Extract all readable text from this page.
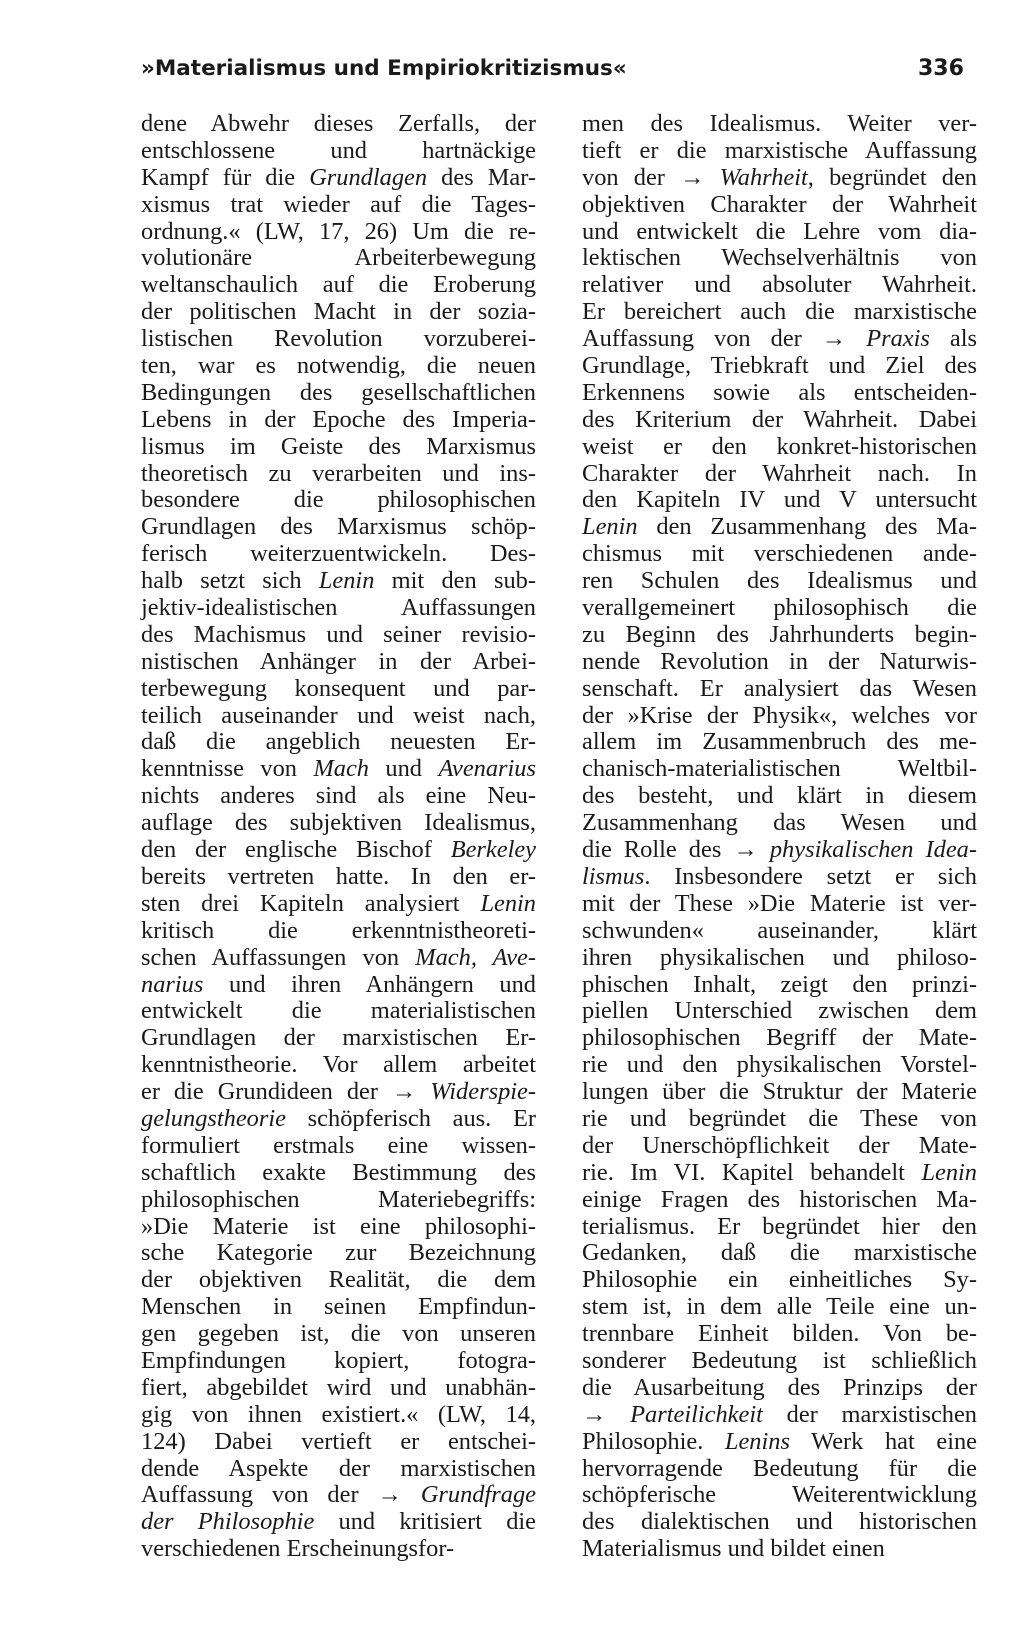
»Materialismus und Empiriokritizismus«	336
dene Abwehr dieses Zerfalls, der
entschlossene und hartnäckige
Kampf für die Grundlagen des Mar-
xismus trat wieder auf die Tages-
ordnung.« (LW, 17, 26) Um die re-
volutionäre Arbeiterbewegung
weltanschaulich auf die Eroberung
der politischen Macht in der sozia-
listischen Revolution vorzuberei-
ten, war es notwendig, die neuen
Bedingungen des gesellschaftlichen
Lebens in der Epoche des Imperia-
lismus im Geiste des Marxismus
theoretisch zu verarbeiten und ins-
besondere die philosophischen
Grundlagen des Marxismus schöp-
ferisch weiterzuentwickeln. Des-
halb setzt sich Lenin mit den sub-
jektiv-idealistischen Auffassungen
des Machismus und seiner revisio-
nistischen Anhänger in der Arbei-
terbewegung konsequent und par-
teilich auseinander und weist nach,
daß die angeblich neuesten Er-
kenntnisse von Mach und Avenarius
nichts anderes sind als eine Neu-
auflage des subjektiven Idealismus,
den der englische Bischof Berkeley
bereits vertreten hatte. In den er-
sten drei Kapiteln analysiert Lenin
kritisch die erkenntnistheoreti-
schen Auffassungen von Mach, Ave-
narius und ihren Anhängern und
entwickelt die materialistischen
Grundlagen der marxistischen Er-
kenntnistheorie. Vor allem arbeitet
er die Grundideen der → Widerspie-
gelungstheorie schöpferisch aus. Er
formuliert erstmals eine wissen-
schaftlich exakte Bestimmung des
philosophischen Materiebegriffs:
»Die Materie ist eine philosophi-
sche Kategorie zur Bezeichnung
der objektiven Realität, die dem
Menschen in seinen Empfindun-
gen gegeben ist, die von unseren
Empfindungen kopiert, fotogra-
fiert, abgebildet wird und unabhän-
gig von ihnen existiert.« (LW, 14,
124) Dabei vertieft er entschei-
dende Aspekte der marxistischen
Auffassung von der → Grundfrage
der Philosophie und kritisiert die
verschiedenen Erscheinungsfor-
men des Idealismus. Weiter ver-
tieft er die marxistische Auffassung
von der → Wahrheit, begründet den
objektiven Charakter der Wahrheit
und entwickelt die Lehre vom dia-
lektischen Wechselverhältnis von
relativer und absoluter Wahrheit.
Er bereichert auch die marxistische
Auffassung von der → Praxis als
Grundlage, Triebkraft und Ziel des
Erkennens sowie als entscheiden-
des Kriterium der Wahrheit. Dabei
weist er den konkret-historischen
Charakter der Wahrheit nach. In
den Kapiteln IV und V untersucht
Lenin den Zusammenhang des Ma-
chismus mit verschiedenen ande-
ren Schulen des Idealismus und
verallgemeinert philosophisch die
zu Beginn des Jahrhunderts begin-
nende Revolution in der Naturwis-
senschaft. Er analysiert das Wesen
der »Krise der Physik«, welches vor
allem im Zusammenbruch des me-
chanisch-materialistischen Weltbil-
des besteht, und klärt in diesem
Zusammenhang das Wesen und
die Rolle des → physikalischen Idea-
lismus. Insbesondere setzt er sich
mit der These »Die Materie ist ver-
schwunden« auseinander, klärt
ihren physikalischen und philoso-
phischen Inhalt, zeigt den prinzi-
piellen Unterschied zwischen dem
philosophischen Begriff der Mate-
rie und den physikalischen Vorstel-
lungen über die Struktur der Materie
rie und begründet die These von
der Unerschöpflichkeit der Mate-
rie. Im VI. Kapitel behandelt Lenin
einige Fragen des historischen Ma-
terialismus. Er begründet hier den
Gedanken, daß die marxistische
Philosophie ein einheitliches Sy-
stem ist, in dem alle Teile eine un-
trennbare Einheit bilden. Von be-
sonderer Bedeutung ist schließlich
die Ausarbeitung des Prinzips der
→ Parteilichkeit der marxistischen
Philosophie. Lenins Werk hat eine
hervorragende Bedeutung für die
schöpferische Weiterentwicklung
des dialektischen und historischen
Materialismus und bildet einen
